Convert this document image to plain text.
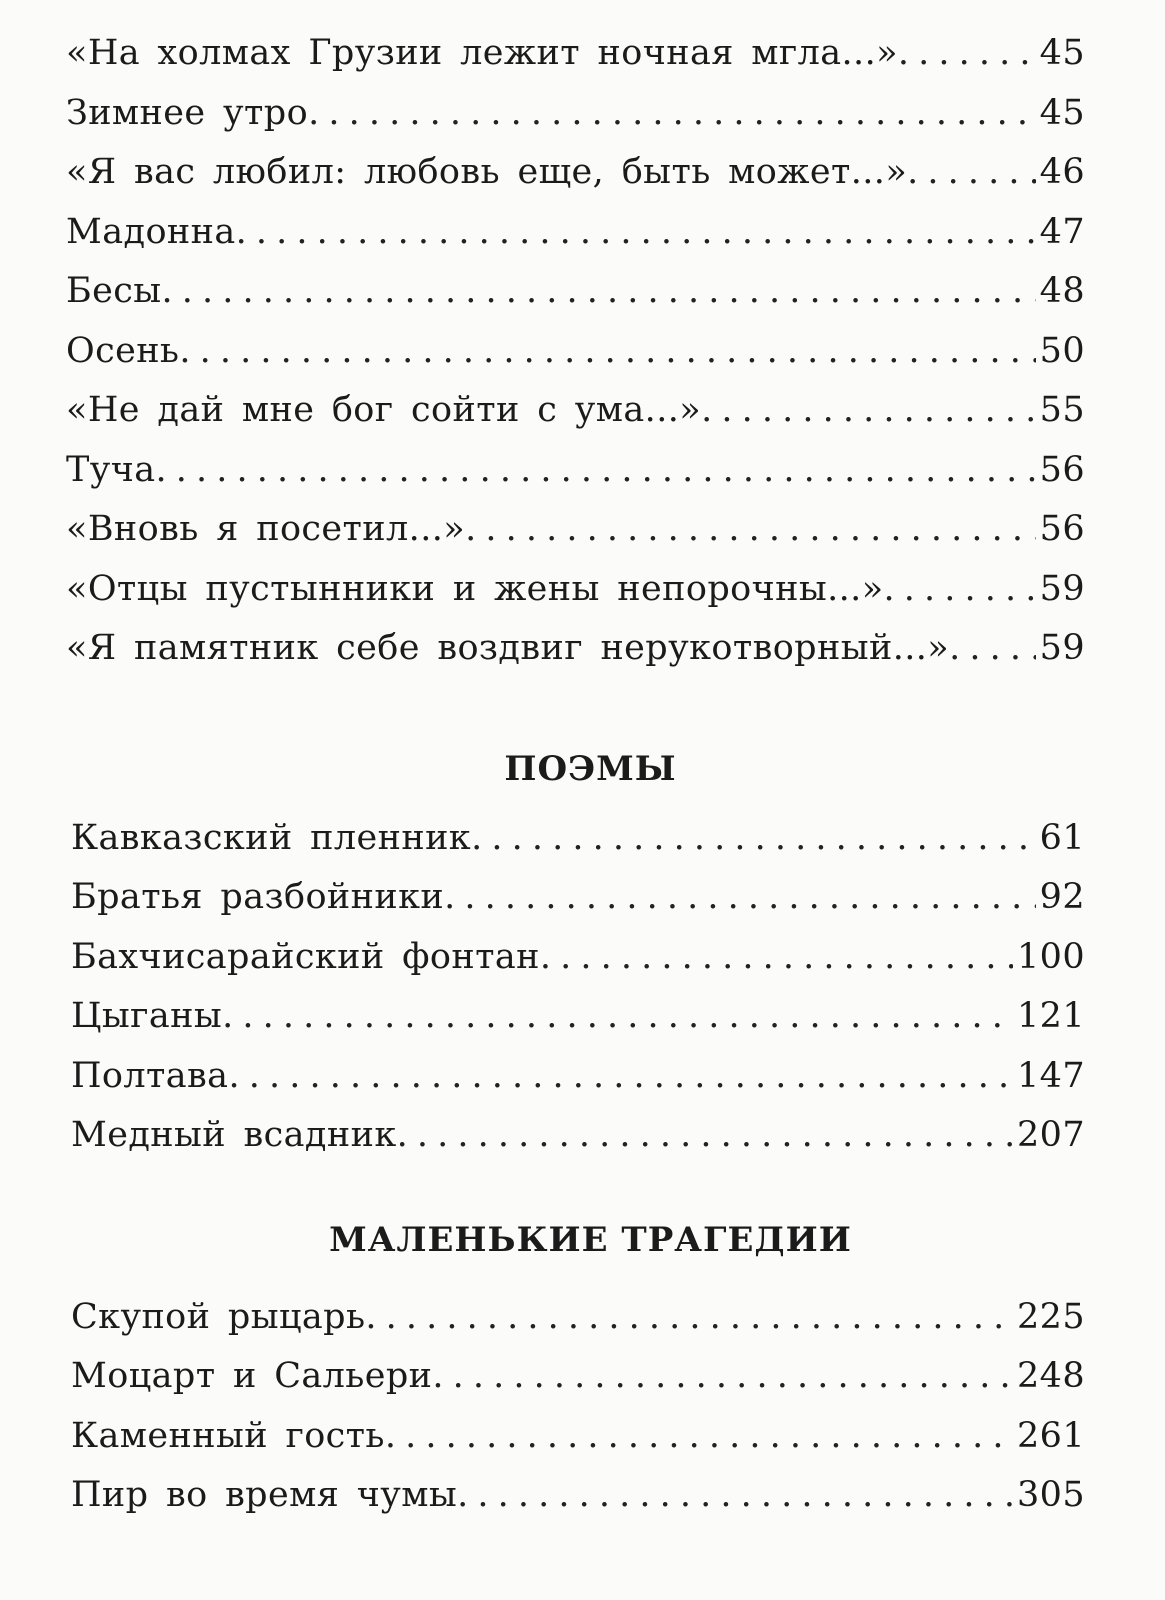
«На холмах Грузии лежит ночная мгла...» . . .	45
Зимнее утро . . .	45
«Я вас любил: любовь еще, быть может...» . . .	46
Мадонна . . .	47
Бесы . . .	48
Осень . . .	50
«Не дай мне бог сойти с ума...» . . .	55
Туча . . .	56
«Вновь я посетил...» . . .	56
«Отцы пустынники и жены непорочны...» . . .	59
«Я памятник себе воздвиг нерукотворный...» . . .	59
ПОЭМЫ
Кавказский пленник . . .	61
Братья разбойники . . .	92
Бахчисарайский фонтан . . .	100
Цыганы . . .	121
Полтава . . .	147
Медный всадник . . .	207
МАЛЕНЬКИЕ ТРАГЕДИИ
Скупой рыцарь . . .	225
Моцарт и Сальери . . .	248
Каменный гость . . .	261
Пир во время чумы . . .	305
